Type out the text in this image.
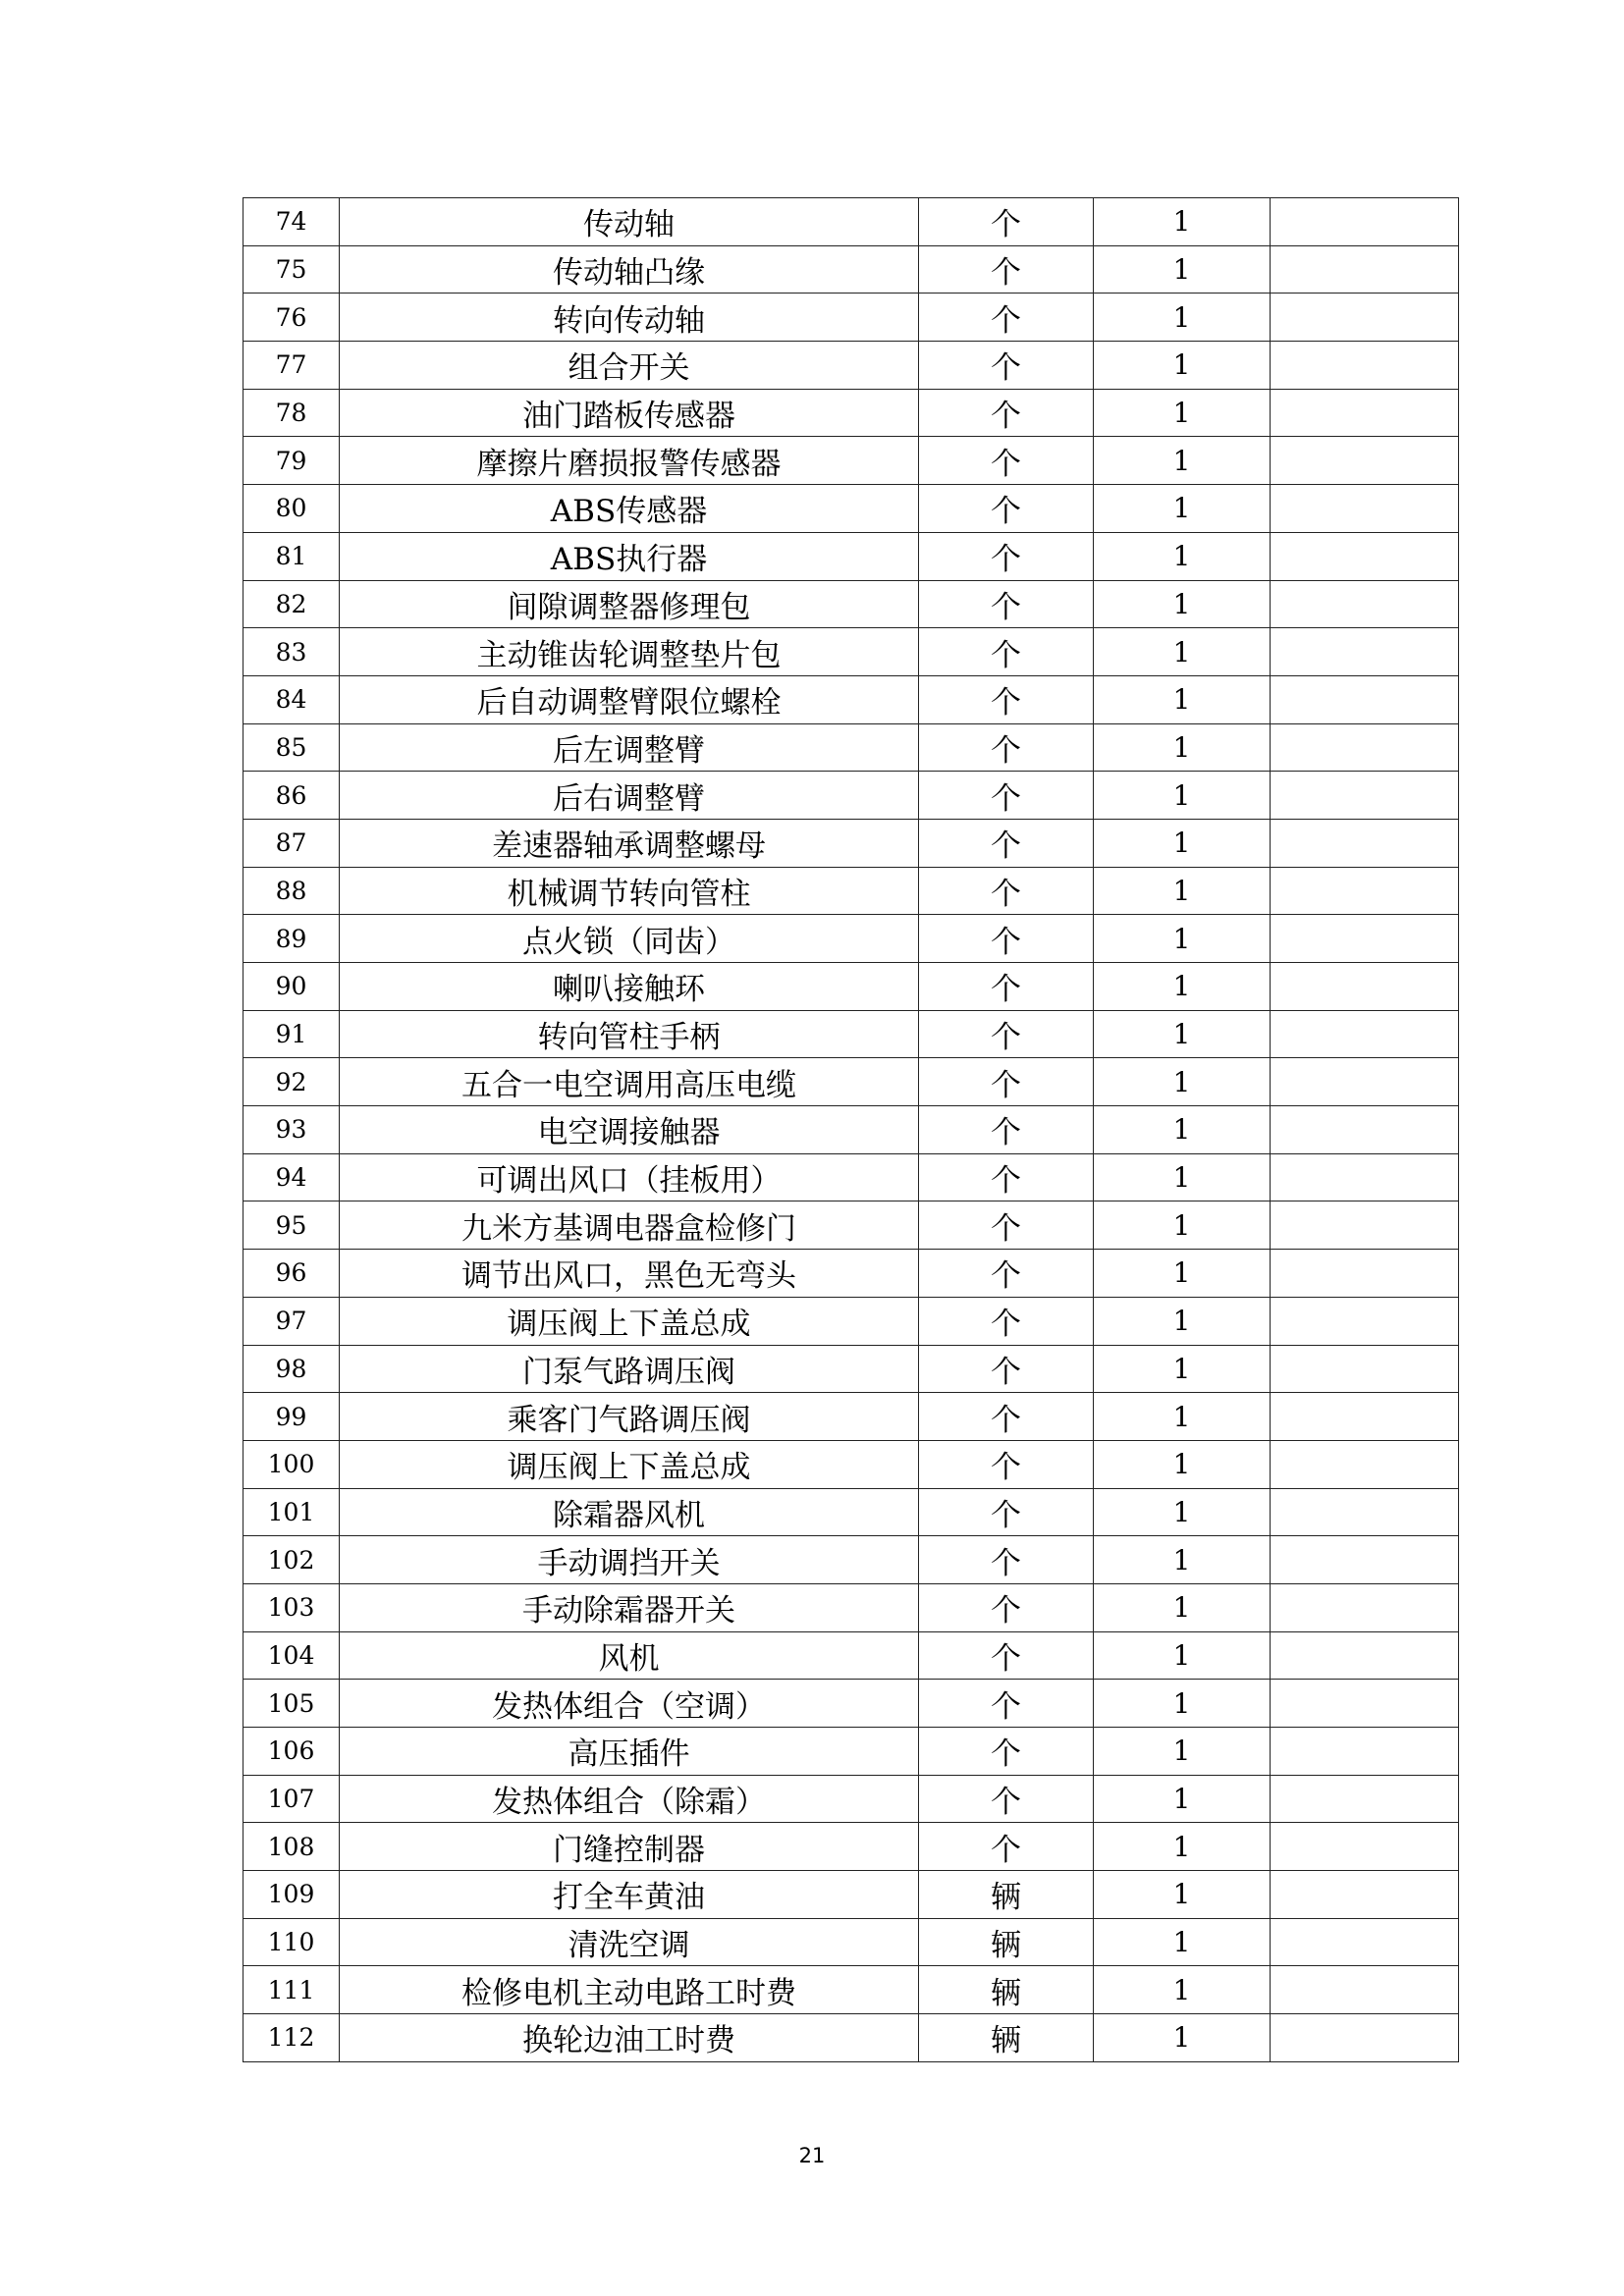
74	传动轴	个	1	
75	传动轴凸缘	个	1	
76	转向传动轴	个	1	
77	组合开关	个	1	
78	油门踏板传感器	个	1	
79	摩擦片磨损报警传感器	个	1	
80	ABS传感器	个	1	
81	ABS执行器	个	1	
82	间隙调整器修理包	个	1	
83	主动锥齿轮调整垫片包	个	1	
84	后自动调整臂限位螺栓	个	1	
85	后左调整臂	个	1	
86	后右调整臂	个	1	
87	差速器轴承调整螺母	个	1	
88	机械调节转向管柱	个	1	
89	点火锁（同齿）	个	1	
90	喇叭接触环	个	1	
91	转向管柱手柄	个	1	
92	五合一电空调用高压电缆	个	1	
93	电空调接触器	个	1	
94	可调出风口（挂板用）	个	1	
95	九米方基调电器盒检修门	个	1	
96	调节出风口，黑色无弯头	个	1	
97	调压阀上下盖总成	个	1	
98	门泵气路调压阀	个	1	
99	乘客门气路调压阀	个	1	
100	调压阀上下盖总成	个	1	
101	除霜器风机	个	1	
102	手动调挡开关	个	1	
103	手动除霜器开关	个	1	
104	风机	个	1	
105	发热体组合（空调）	个	1	
106	高压插件	个	1	
107	发热体组合（除霜）	个	1	
108	门缝控制器	个	1	
109	打全车黄油	辆	1	
110	清洗空调	辆	1	
111	检修电机主动电路工时费	辆	1	
112	换轮边油工时费	辆	1	
21
